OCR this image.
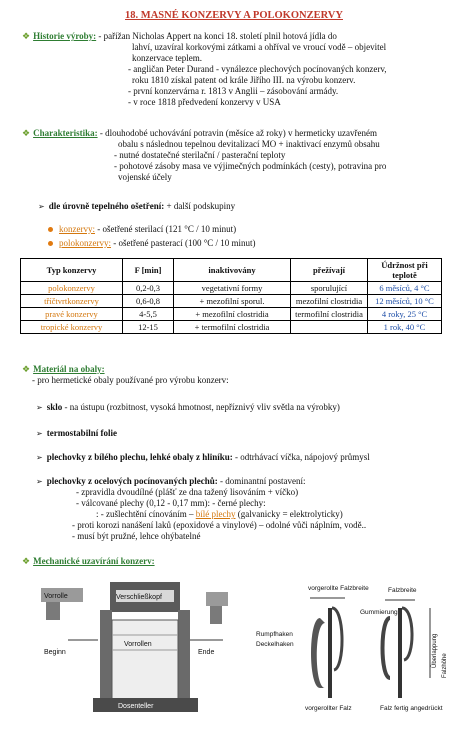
18. MASNÉ KONZERVY A POLOKONZERVY
❖ Historie výroby: - pařížan Nicholas Appert na konci 18. století plnil hotová jídla do
lahví, uzavíral korkovými zátkami a ohříval ve vroucí vodě – objevitel
konzervace teplem.
- angličan Peter Durand - vynálezce plechových pocínovaných konzerv,
roku 1810 získal patent od krále Jiřího III. na výrobu konzerv.
- první konzervárna r. 1813 v Anglii – zásobování armády.
- v roce 1818 předvedení konzervy v USA
❖ Charakteristika: - dlouhodobé uchovávání potravin (měsíce až roky) v hermeticky uzavřeném
obalu s následnou tepelnou devitalizací MO + inaktivací enzymů obsahu
- nutné dostatečné sterilační / pasterační teploty
- pohotové zásoby masa ve výjimečných podmínkách (cesty), potravina pro
vojenské účely
➢ dle úrovně tepelného ošetření: + další podskupiny
konzervy: - ošetřené sterilací (121 °C / 10 minut)
polokonzervy: - ošetřené pasterací (100 °C / 10 minut)
Typ konzervy	F [min]	inaktivovány	přežívají	Údržnost při teplotě
polokonzervy	0,2-0,3	vegetativní formy	sporulující	6 měsíců, 4 °C
tříčtvrtkonzervy	0,6-0,8	+ mezofilní sporul.	mezofilní clostridia	12 měsíců, 10 °C
pravé konzervy	4-5,5	+ mezofilní clostridia	termofilní clostridia	4 roky, 25 °C
tropické konzervy	12-15	+ termofilní clostridia		1 rok, 40 °C
❖ Materiál na obaly:
- pro hermetické obaly používané pro výrobu konzerv:
➢ sklo - na ústupu (rozbitnost, vysoká hmotnost, nepříznivý vliv světla na výrobky)
➢ termostabilní folie
➢ plechovky z bílého plechu, lehké obaly z hliníku: - odtrhávací víčka, nápojový průmysl
➢ plechovky z ocelových pocínovaných plechů: - dominantní postavení:
- zpravidla dvoudílné (plášť ze dna tažený lisováním + víčko)
- válcované plechy (0,12 - 0,17 mm): - černé plechy:
: - zušlechtění cínováním – bílé plechy (galvanicky = elektrolyticky)
- proti korozi nanášení laků (epoxidové a vinylové) – odolné vůči náplním, vodě..
- musí být pružné, lehce ohýbatelné
❖ Mechanické uzavírání konzerv:
Vorrolle	Verschließkopf
Beginn
Vorrollen
Ende
Dosenteller
vorgerollte Falzbreite	Falzbreite
Gummierung
Rumpfhaken
Deckelhaken	Überlappung Falzhöhe
vorgerollter Falz	Falz fertig angedrückt
